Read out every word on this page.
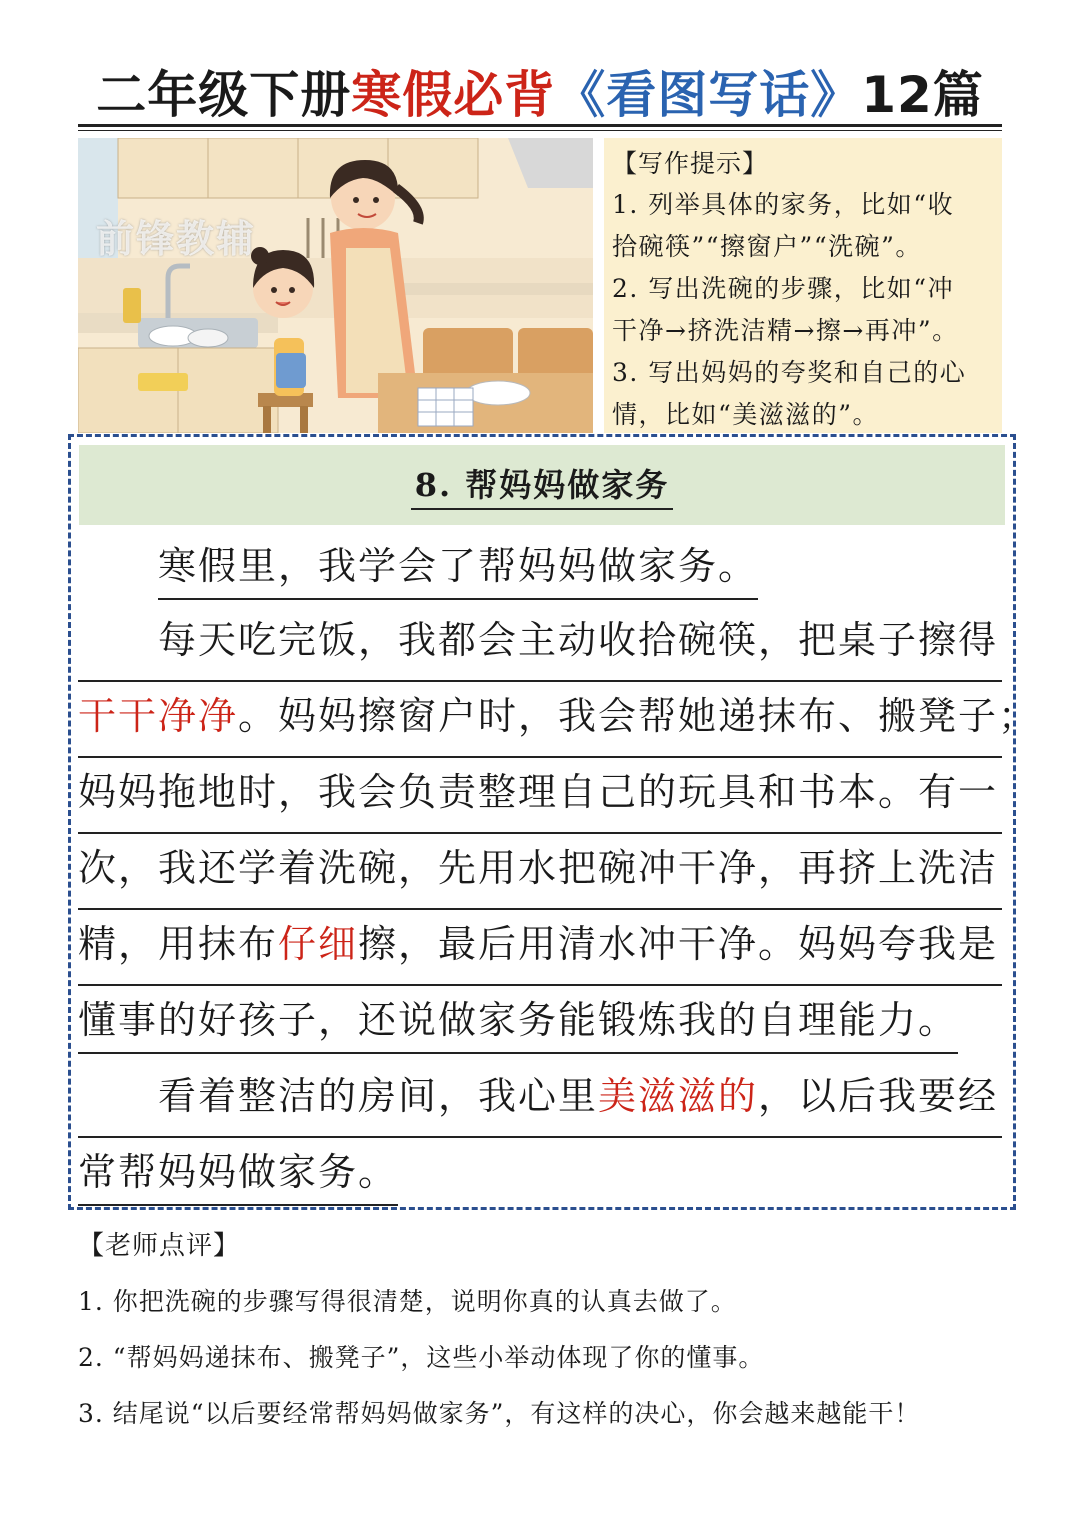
二年级下册 寒假必背 《看图写话》 12篇
前锋教辅
【写作提示】
1. 列举具体的家务，比如“收
拾碗筷”“擦窗户”“洗碗”。
2. 写出洗碗的步骤，比如“冲
干净→挤洗洁精→擦→再冲”。
3. 写出妈妈的夸奖和自己的心
情，比如“美滋滋的”。
8. 帮妈妈做家务
寒假里，我学会了帮妈妈做家务。
每天吃完饭，我都会主动收拾碗筷，把桌子擦得
干干净净。妈妈擦窗户时，我会帮她递抹布、搬凳子；
妈妈拖地时，我会负责整理自己的玩具和书本。有一
次，我还学着洗碗，先用水把碗冲干净，再挤上洗洁
精，用抹布仔细擦，最后用清水冲干净。妈妈夸我是
懂事的好孩子，还说做家务能锻炼我的自理能力。
看着整洁的房间，我心里美滋滋的，以后我要经
常帮妈妈做家务。
【老师点评】
1. 你把洗碗的步骤写得很清楚，说明你真的认真去做了。
2. “帮妈妈递抹布、搬凳子”，这些小举动体现了你的懂事。
3. 结尾说“以后要经常帮妈妈做家务”，有这样的决心，你会越来越能干！
